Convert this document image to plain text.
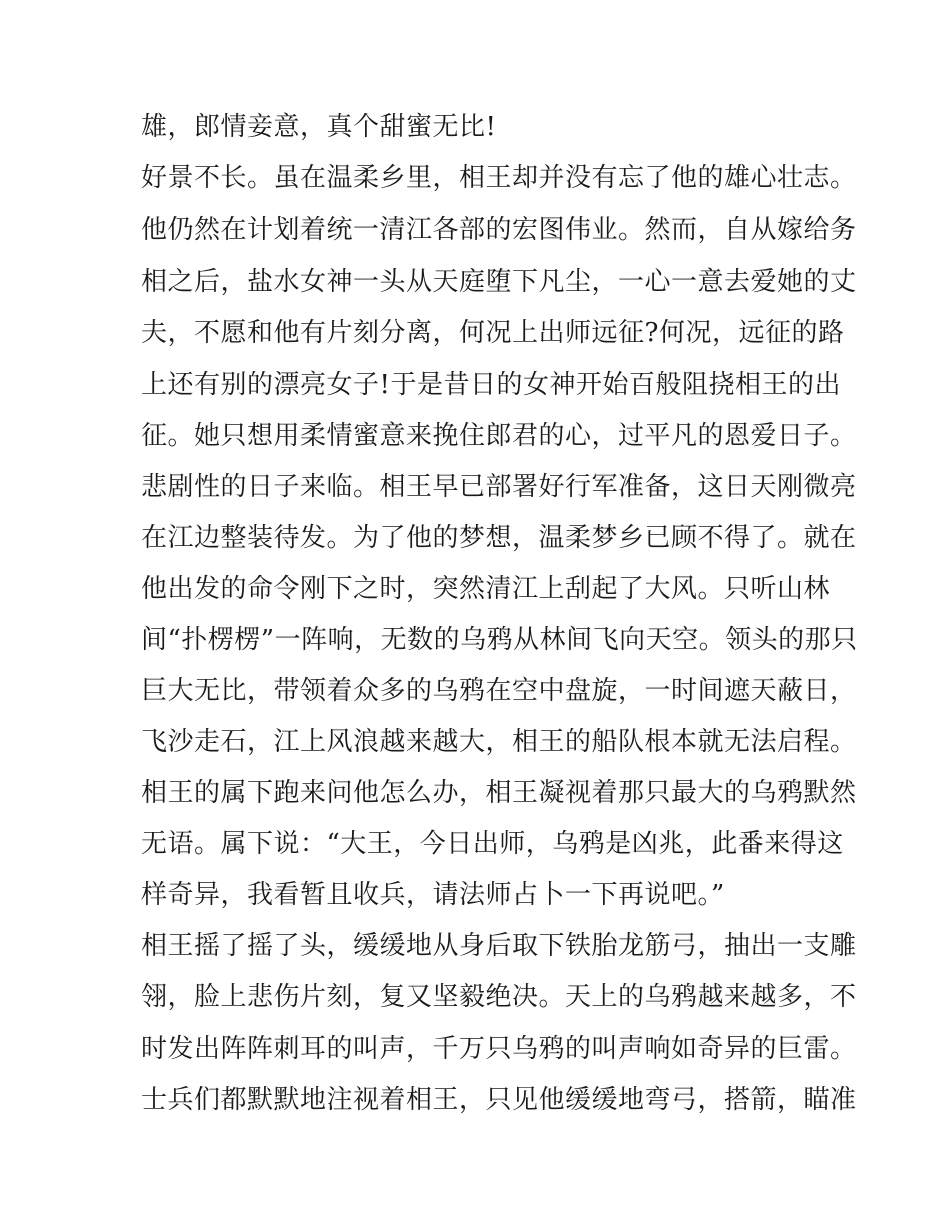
雄，郎情妾意，真个甜蜜无比!
好景不长。虽在温柔乡里，相王却并没有忘了他的雄心壮志。
他仍然在计划着统一清江各部的宏图伟业。然而，自从嫁给务
相之后，盐水女神一头从天庭堕下凡尘，一心一意去爱她的丈
夫，不愿和他有片刻分离，何况上出师远征?何况，远征的路
上还有别的漂亮女子!于是昔日的女神开始百般阻挠相王的出
征。她只想用柔情蜜意来挽住郎君的心，过平凡的恩爱日子。
悲剧性的日子来临。相王早已部署好行军准备，这日天刚微亮
在江边整装待发。为了他的梦想，温柔梦乡已顾不得了。就在
他出发的命令刚下之时，突然清江上刮起了大风。只听山林
间“扑楞楞”一阵响，无数的乌鸦从林间飞向天空。领头的那只
巨大无比，带领着众多的乌鸦在空中盘旋，一时间遮天蔽日，
飞沙走石，江上风浪越来越大，相王的船队根本就无法启程。
相王的属下跑来问他怎么办，相王凝视着那只最大的乌鸦默然
无语。属下说：“大王，今日出师，乌鸦是凶兆，此番来得这
样奇异，我看暂且收兵，请法师占卜一下再说吧。”
相王摇了摇了头，缓缓地从身后取下铁胎龙筋弓，抽出一支雕
翎，脸上悲伤片刻，复又坚毅绝决。天上的乌鸦越来越多，不
时发出阵阵刺耳的叫声，千万只乌鸦的叫声响如奇异的巨雷。
士兵们都默默地注视着相王，只见他缓缓地弯弓，搭箭，瞄准
